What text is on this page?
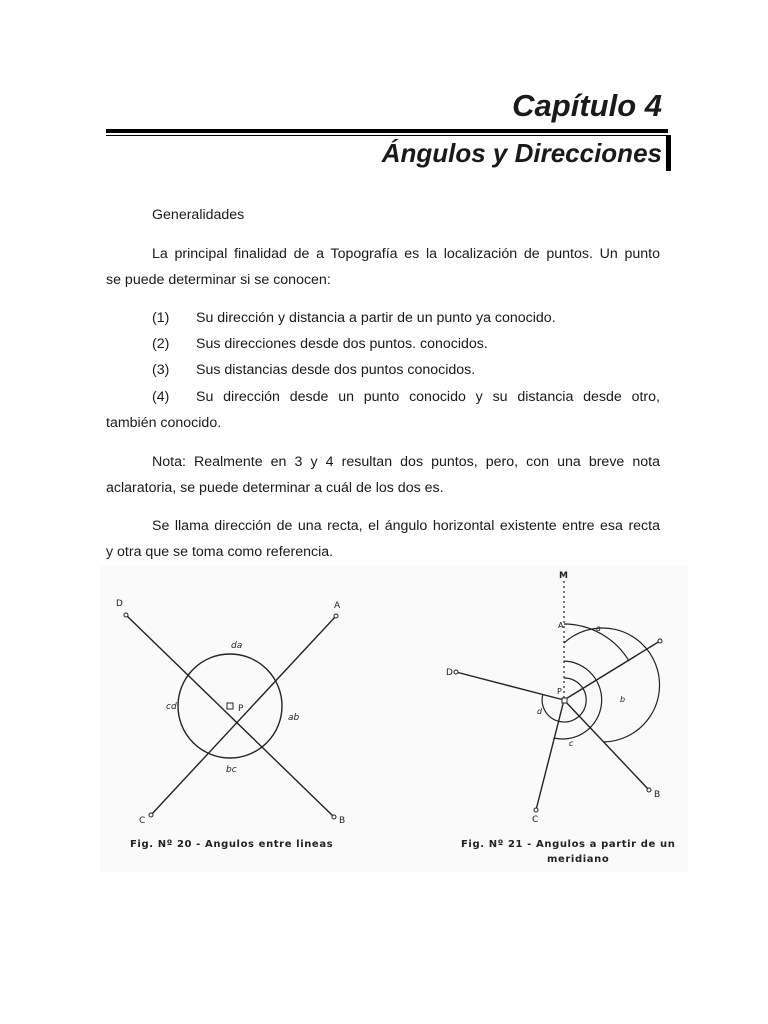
Capítulo 4
Ángulos y Direcciones
Generalidades
La principal finalidad de a Topografía es la localización de puntos. Un punto
se puede determinar si se conocen:
(1)	Su dirección y distancia a partir de un punto ya conocido.
(2)	Sus direcciones desde dos puntos. conocidos.
(3)	Sus distancias desde dos puntos conocidos.
(4)	Su dirección desde un punto conocido y su distancia desde otro,
también conocido.
Nota: Realmente en 3 y 4 resultan dos puntos, pero, con una breve nota
aclaratoria, se puede determinar a cuál de los dos es.
Se llama dirección de una recta, el ángulo horizontal existente entre esa recta
y otra que se toma como referencia.
D	A
B
C
P
da
ab
bc
cd
Fig. Nº 20 - Angulos entre lineas
M
A
B
C
D
P
a
b
c
d
Fig. Nº 21 - Angulos a partir de un
meridiano
